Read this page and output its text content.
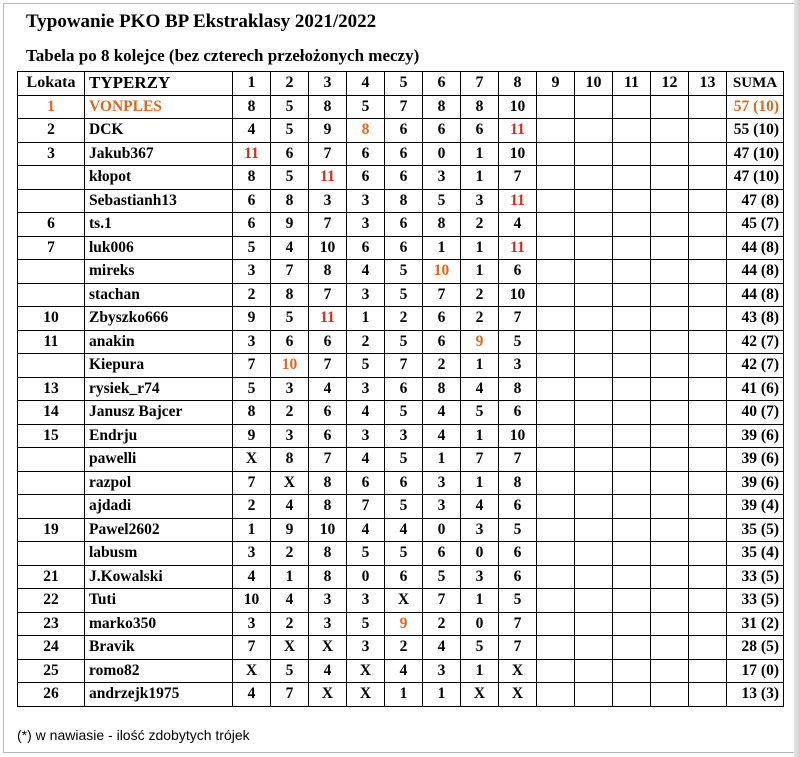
Typowanie PKO BP Ekstraklasy 2021/2022
Tabela po 8 kolejce (bez czterech przełożonych meczy)
Lokata	TYPERZY	1	2	3	4	5	6	7	8	9	10	11	12	13	SUMA
1	VONPLES	8	5	8	5	7	8	8	10						57 (10)
2	DCK	4	5	9	8	6	6	6	11						55 (10)
3	Jakub367	11	6	7	6	6	0	1	10						47 (10)
	kłopot	8	5	11	6	6	3	1	7						47 (10)
	Sebastianh13	6	8	3	3	8	5	3	11						47 (8)
6	ts.1	6	9	7	3	6	8	2	4						45 (7)
7	luk006	5	4	10	6	6	1	1	11						44 (8)
	mireks	3	7	8	4	5	10	1	6						44 (8)
	stachan	2	8	7	3	5	7	2	10						44 (8)
10	Zbyszko666	9	5	11	1	2	6	2	7						43 (8)
11	anakin	3	6	6	2	5	6	9	5						42 (7)
	Kiepura	7	10	7	5	7	2	1	3						42 (7)
13	rysiek_r74	5	3	4	3	6	8	4	8						41 (6)
14	Janusz Bajcer	8	2	6	4	5	4	5	6						40 (7)
15	Endrju	9	3	6	3	3	4	1	10						39 (6)
	pawelli	X	8	7	4	5	1	7	7						39 (6)
	razpol	7	X	8	6	6	3	1	8						39 (6)
	ajdadi	2	4	8	7	5	3	4	6						39 (4)
19	Pawel2602	1	9	10	4	4	0	3	5						35 (5)
	labusm	3	2	8	5	5	6	0	6						35 (4)
21	J.Kowalski	4	1	8	0	6	5	3	6						33 (5)
22	Tuti	10	4	3	3	X	7	1	5						33 (5)
23	marko350	3	2	3	5	9	2	0	7						31 (2)
24	Bravik	7	X	X	3	2	4	5	7						28 (5)
25	romo82	X	5	4	X	4	3	1	X						17 (0)
26	andrzejk1975	4	7	X	X	1	1	X	X						13 (3)
(*) w nawiasie - ilość zdobytych trójek
